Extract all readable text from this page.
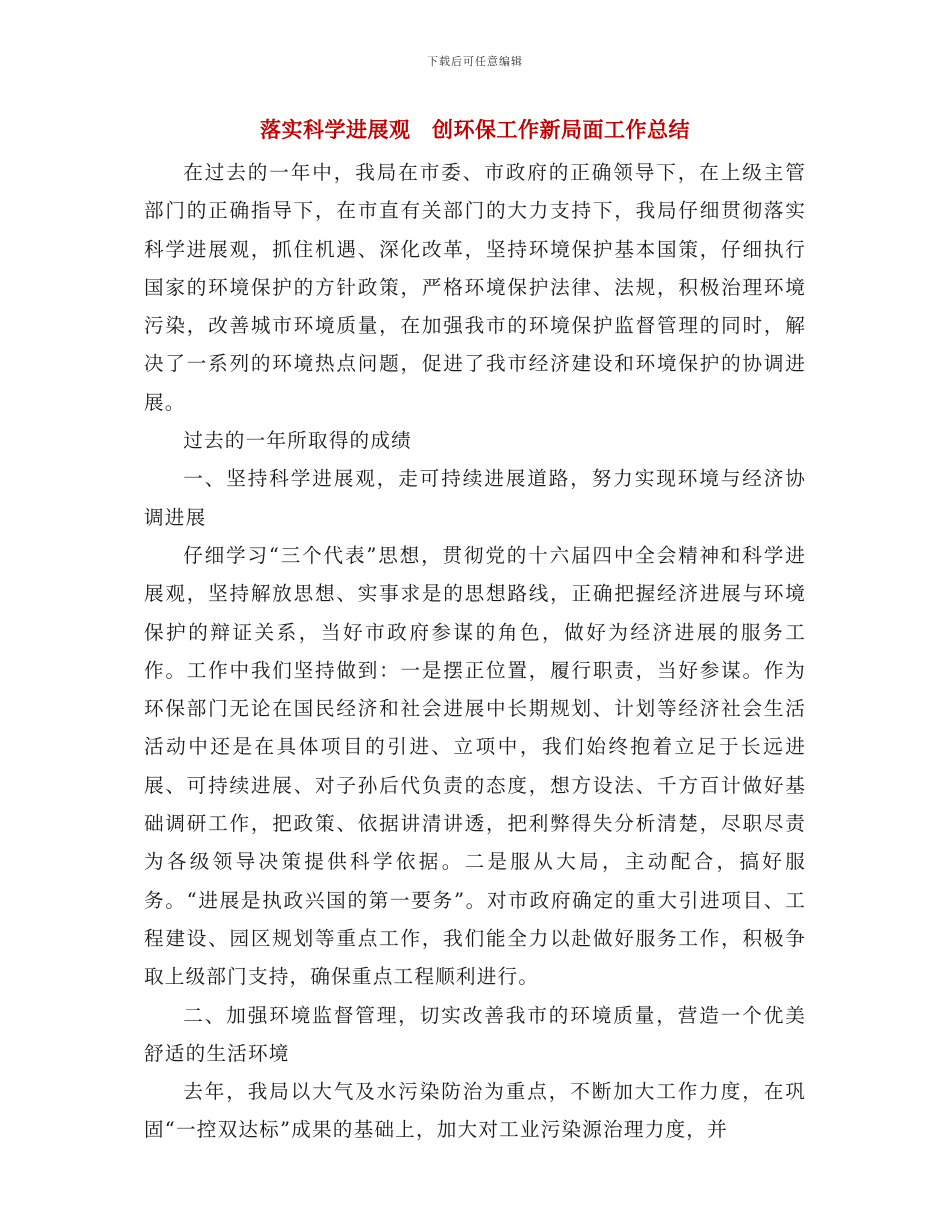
下载后可任意编辑
落实科学进展观　创环保工作新局面工作总结

在过去的一年中，我局在市委、市政府的正确领导下，在上级主管部门的正确指导下，在市直有关部门的大力支持下，我局仔细贯彻落实科学进展观，抓住机遇、深化改革，坚持环境保护基本国策，仔细执行国家的环境保护的方针政策，严格环境保护法律、法规，积极治理环境污染，改善城市环境质量，在加强我市的环境保护监督管理的同时，解决了一系列的环境热点问题，促进了我市经济建设和环境保护的协调进展。

过去的一年所取得的成绩

一、坚持科学进展观，走可持续进展道路，努力实现环境与经济协调进展

仔细学习“三个代表”思想，贯彻党的十六届四中全会精神和科学进展观，坚持解放思想、实事求是的思想路线，正确把握经济进展与环境保护的辩证关系，当好市政府参谋的角色，做好为经济进展的服务工作。工作中我们坚持做到：一是摆正位置，履行职责，当好参谋。作为环保部门无论在国民经济和社会进展中长期规划、计划等经济社会生活活动中还是在具体项目的引进、立项中，我们始终抱着立足于长远进展、可持续进展、对子孙后代负责的态度，想方设法、千方百计做好基础调研工作，把政策、依据讲清讲透，把利弊得失分析清楚，尽职尽责为各级领导决策提供科学依据。二是服从大局，主动配合，搞好服务。“进展是执政兴国的第一要务”。对市政府确定的重大引进项目、工程建设、园区规划等重点工作，我们能全力以赴做好服务工作，积极争取上级部门支持，确保重点工程顺利进行。

二、加强环境监督管理，切实改善我市的环境质量，营造一个优美舒适的生活环境

去年，我局以大气及水污染防治为重点，不断加大工作力度，在巩固“一控双达标”成果的基础上，加大对工业污染源治理力度，并
